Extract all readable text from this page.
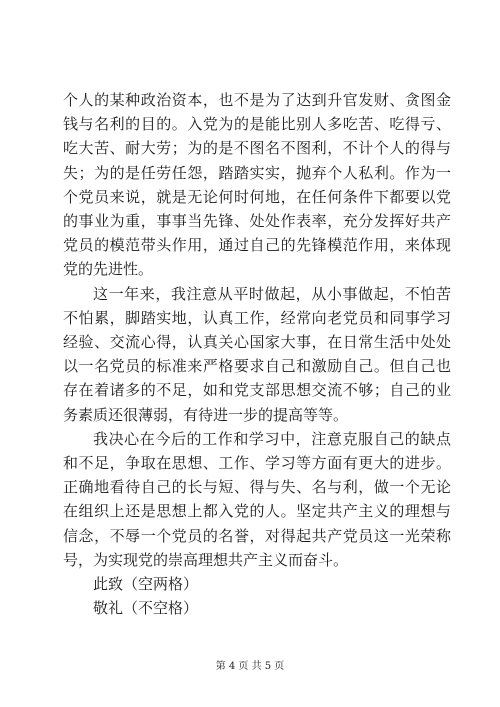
个人的某种政治资本，也不是为了达到升官发财、贪图金钱与名利的目的。入党为的是能比别人多吃苦、吃得亏、吃大苦、耐大劳；为的是不图名不图利，不计个人的得与失；为的是任劳任怨，踏踏实实，抛弃个人私利。作为一个党员来说，就是无论何时何地，在任何条件下都要以党的事业为重，事事当先锋、处处作表率，充分发挥好共产党员的模范带头作用，通过自己的先锋模范作用，来体现党的先进性。

这一年来，我注意从平时做起，从小事做起，不怕苦不怕累，脚踏实地，认真工作，经常向老党员和同事学习经验、交流心得，认真关心国家大事，在日常生活中处处以一名党员的标准来严格要求自己和激励自己。但自己也存在着诸多的不足，如和党支部思想交流不够；自己的业务素质还很薄弱，有待进一步的提高等等。

我决心在今后的工作和学习中，注意克服自己的缺点和不足，争取在思想、工作、学习等方面有更大的进步。正确地看待自己的长与短、得与失、名与利，做一个无论在组织上还是思想上都入党的人。坚定共产主义的理想与信念，不辱一个党员的名誉，对得起共产党员这一光荣称号，为实现党的崇高理想共产主义而奋斗。

此致（空两格）

敬礼（不空格）

第 4 页 共 5 页
